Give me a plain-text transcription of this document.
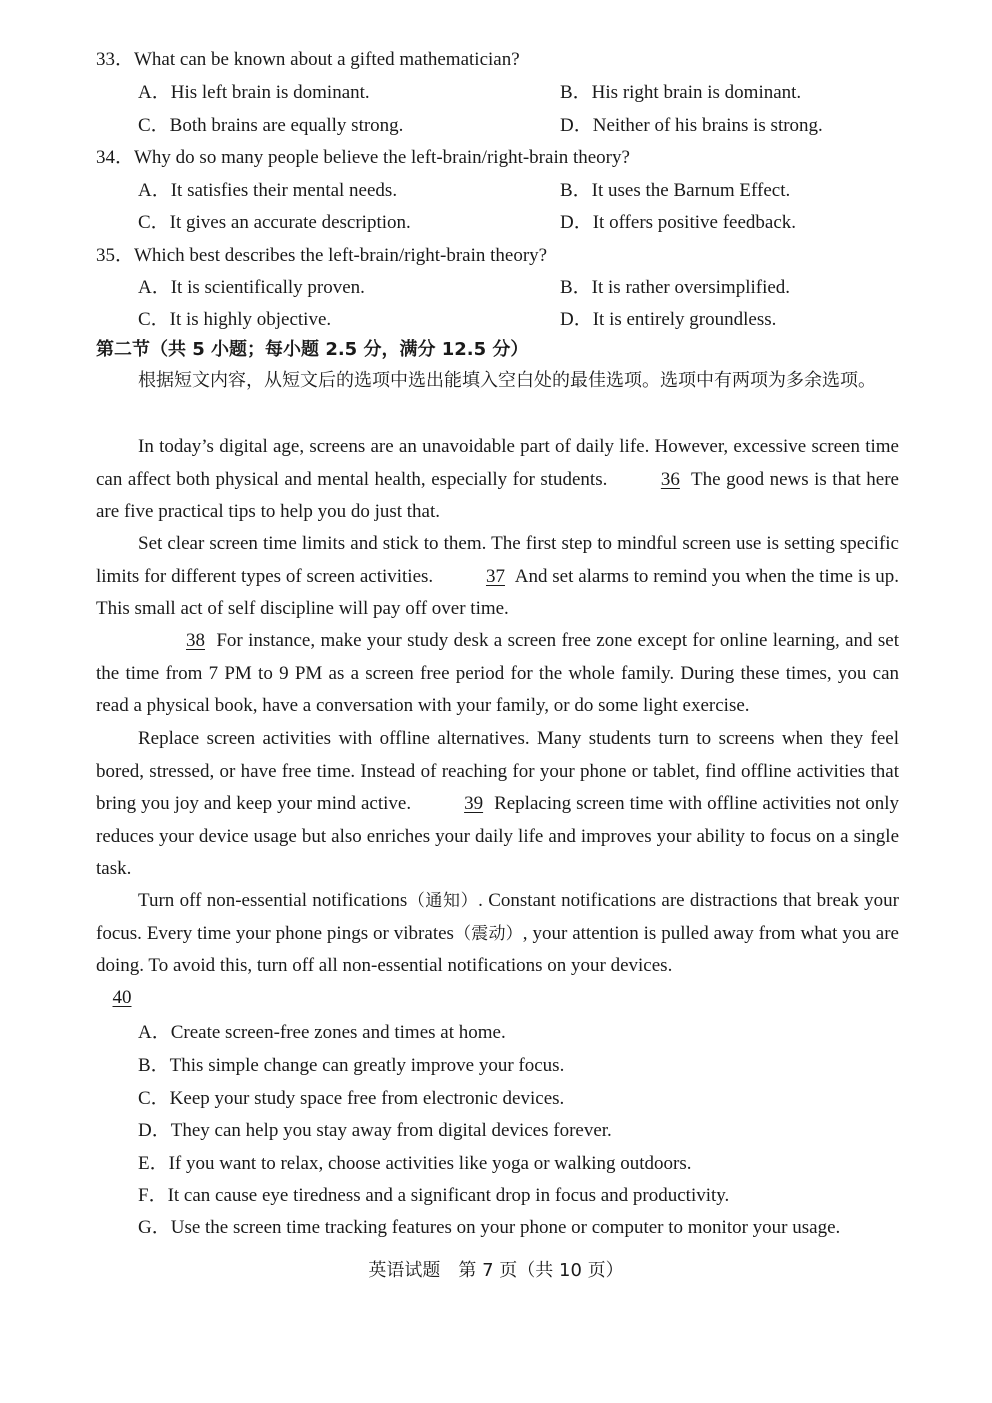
33．What can be known about a gifted mathematician?
A．His left brain is dominant.	B．His right brain is dominant.
C．Both brains are equally strong.	D．Neither of his brains is strong.
34．Why do so many people believe the left-brain/right-brain theory?
A．It satisfies their mental needs.	B．It uses the Barnum Effect.
C．It gives an accurate description.	D．It offers positive feedback.
35．Which best describes the left-brain/right-brain theory?
A．It is scientifically proven.	B．It is rather oversimplified.
C．It is highly objective.	D．It is entirely groundless.
第二节（共 5 小题；每小题 2.5 分，满分 12.5 分）
根据短文内容，从短文后的选项中选出能填入空白处的最佳选项。选项中有两项为多余选项。
In today’s digital age, screens are an unavoidable part of daily life. However, excessive screen time can affect both physical and mental health, especially for students.	36 The good news is that here are five practical tips to help you do just that.
Set clear screen time limits and stick to them. The first step to mindful screen use is setting specific limits for different types of screen activities.	37 And set alarms to remind you when the time is up. This small act of self discipline will pay off over time.
38 For instance, make your study desk a screen free zone except for online learning, and set the time from 7 PM to 9 PM as a screen free period for the whole family. During these times, you can read a physical book, have a conversation with your family, or do some light exercise.
Replace screen activities with offline alternatives. Many students turn to screens when they feel bored, stressed, or have free time. Instead of reaching for your phone or tablet, find offline activities that bring you joy and keep your mind active.	39 Replacing screen time with offline activities not only reduces your device usage but also enriches your daily life and improves your ability to focus on a single task.
Turn off non-essential notifications（通知）. Constant notifications are distractions that break your focus. Every time your phone pings or vibrates（震动）, your attention is pulled away from what you are doing. To avoid this, turn off all non-essential notifications on your devices.
40
A．Create screen-free zones and times at home.
B．This simple change can greatly improve your focus.
C．Keep your study space free from electronic devices.
D．They can help you stay away from digital devices forever.
E．If you want to relax, choose activities like yoga or walking outdoors.
F．It can cause eye tiredness and a significant drop in focus and productivity.
G．Use the screen time tracking features on your phone or computer to monitor your usage.
英语试题　第 7 页（共 10 页）
